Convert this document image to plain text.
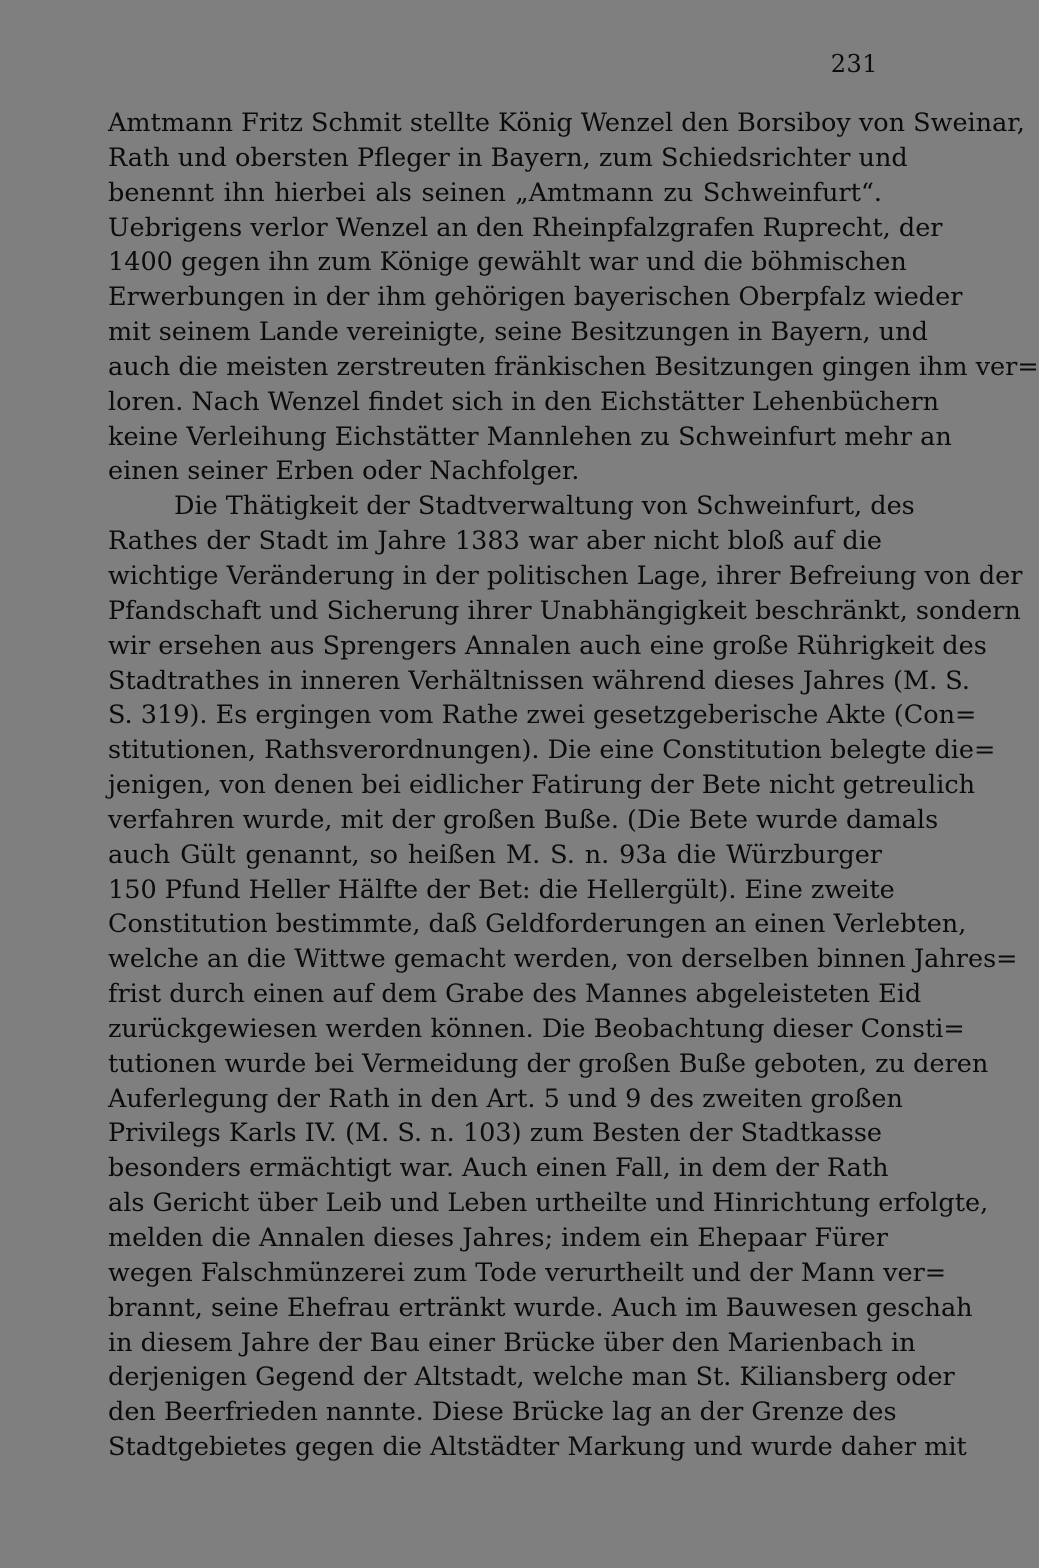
231
Amtmann Fritz Schmit stellte König Wenzel den Borsiboy von Sweinar,
Rath und obersten Pfleger in Bayern, zum Schiedsrichter und
benennt ihn hierbei als seinen „Amtmann zu Schweinfurt“.
Uebrigens verlor Wenzel an den Rheinpfalzgrafen Ruprecht, der
1400 gegen ihn zum Könige gewählt war und die böhmischen
Erwerbungen in der ihm gehörigen bayerischen Oberpfalz wieder
mit seinem Lande vereinigte, seine Besitzungen in Bayern, und
auch die meisten zerstreuten fränkischen Besitzungen gingen ihm ver=
loren. Nach Wenzel findet sich in den Eichstätter Lehenbüchern
keine Verleihung Eichstätter Mannlehen zu Schweinfurt mehr an
einen seiner Erben oder Nachfolger.
Die Thätigkeit der Stadtverwaltung von Schweinfurt, des
Rathes der Stadt im Jahre 1383 war aber nicht bloß auf die
wichtige Veränderung in der politischen Lage, ihrer Befreiung von der
Pfandschaft und Sicherung ihrer Unabhängigkeit beschränkt, sondern
wir ersehen aus Sprengers Annalen auch eine große Rührigkeit des
Stadtrathes in inneren Verhältnissen während dieses Jahres (M. S.
S. 319). Es ergingen vom Rathe zwei gesetzgeberische Akte (Con=
stitutionen, Rathsverordnungen). Die eine Constitution belegte die=
jenigen, von denen bei eidlicher Fatirung der Bete nicht getreulich
verfahren wurde, mit der großen Buße. (Die Bete wurde damals
auch Gült genannt, so heißen M. S. n. 93a die Würzburger
150 Pfund Heller Hälfte der Bet: die Hellergült). Eine zweite
Constitution bestimmte, daß Geldforderungen an einen Verlebten,
welche an die Wittwe gemacht werden, von derselben binnen Jahres=
frist durch einen auf dem Grabe des Mannes abgeleisteten Eid
zurückgewiesen werden können. Die Beobachtung dieser Consti=
tutionen wurde bei Vermeidung der großen Buße geboten, zu deren
Auferlegung der Rath in den Art. 5 und 9 des zweiten großen
Privilegs Karls IV. (M. S. n. 103) zum Besten der Stadtkasse
besonders ermächtigt war. Auch einen Fall, in dem der Rath
als Gericht über Leib und Leben urtheilte und Hinrichtung erfolgte,
melden die Annalen dieses Jahres; indem ein Ehepaar Fürer
wegen Falschmünzerei zum Tode verurtheilt und der Mann ver=
brannt, seine Ehefrau ertränkt wurde. Auch im Bauwesen geschah
in diesem Jahre der Bau einer Brücke über den Marienbach in
derjenigen Gegend der Altstadt, welche man St. Kiliansberg oder
den Beerfrieden nannte. Diese Brücke lag an der Grenze des
Stadtgebietes gegen die Altstädter Markung und wurde daher mit
